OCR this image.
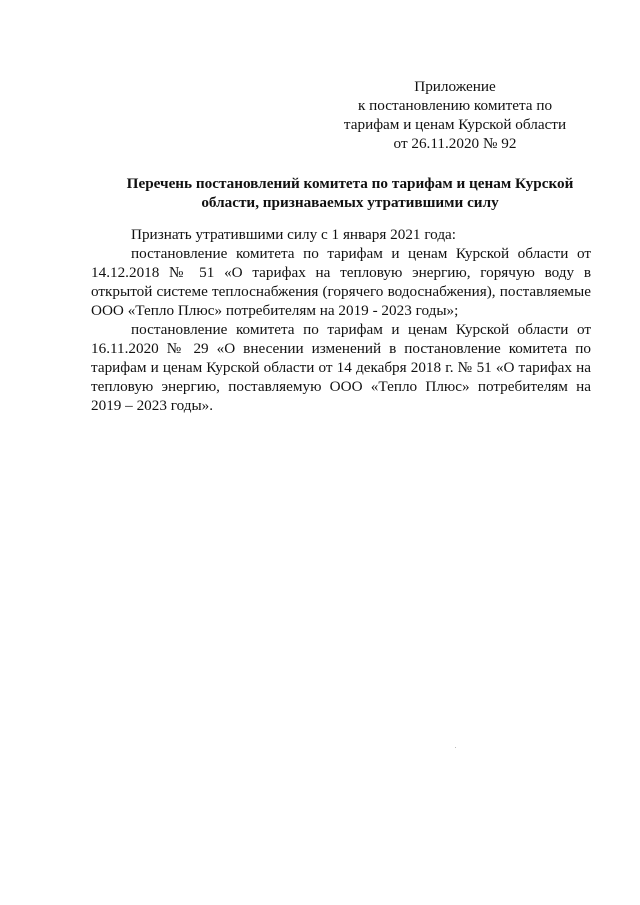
Приложение
к постановлению комитета по
тарифам и ценам Курской области
от 26.11.2020 № 92
Перечень постановлений комитета по тарифам и ценам Курской
области, признаваемых утратившими силу

Признать утратившими силу с 1 января 2021 года:

постановление комитета по тарифам и ценам Курской области от 14.12.2018 № 51 «О тарифах на тепловую энергию, горячую воду в открытой системе теплоснабжения (горячего водоснабжения), поставляемые ООО «Тепло Плюс» потребителям на 2019 - 2023 годы»;

постановление комитета по тарифам и ценам Курской области от 16.11.2020 № 29 «О внесении изменений в постановление комитета по тарифам и ценам Курской области от 14 декабря 2018 г. № 51 «О тарифах на тепловую энергию, поставляемую ООО «Тепло Плюс» потребителям на 2019 – 2023 годы».
